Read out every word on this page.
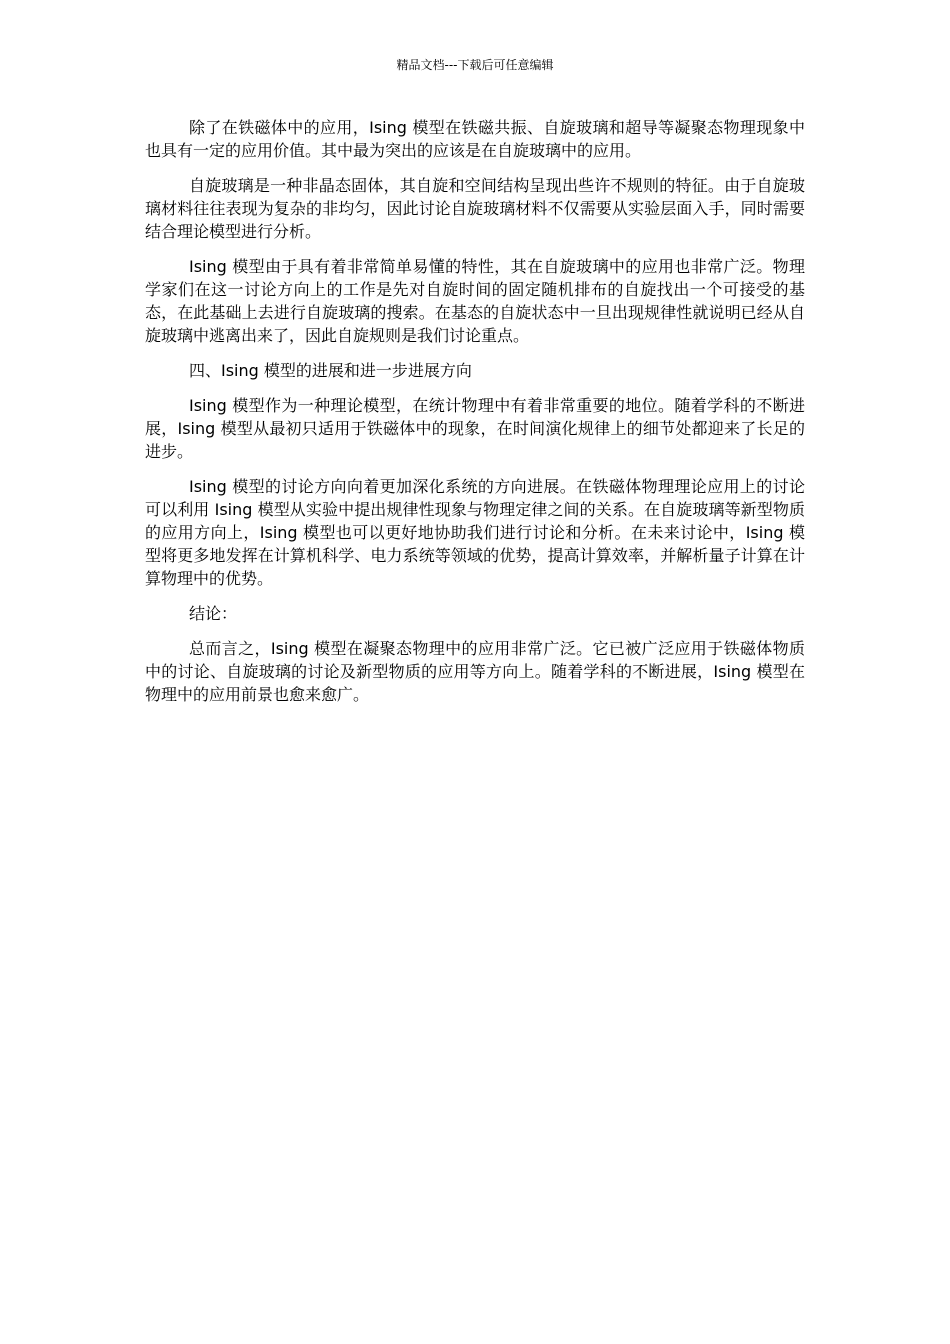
精品文档---下载后可任意编辑

除了在铁磁体中的应用，Ising 模型在铁磁共振、自旋玻璃和超导等凝聚态物理现象中也具有一定的应用价值。其中最为突出的应该是在自旋玻璃中的应用。

自旋玻璃是一种非晶态固体，其自旋和空间结构呈现出些许不规则的特征。由于自旋玻璃材料往往表现为复杂的非均匀，因此讨论自旋玻璃材料不仅需要从实验层面入手，同时需要结合理论模型进行分析。

Ising 模型由于具有着非常简单易懂的特性，其在自旋玻璃中的应用也非常广泛。物理学家们在这一讨论方向上的工作是先对自旋时间的固定随机排布的自旋找出一个可接受的基态，在此基础上去进行自旋玻璃的搜索。在基态的自旋状态中一旦出现规律性就说明已经从自旋玻璃中逃离出来了，因此自旋规则是我们讨论重点。

四、Ising 模型的进展和进一步进展方向

Ising 模型作为一种理论模型，在统计物理中有着非常重要的地位。随着学科的不断进展，Ising 模型从最初只适用于铁磁体中的现象，在时间演化规律上的细节处都迎来了长足的进步。

Ising 模型的讨论方向向着更加深化系统的方向进展。在铁磁体物理理论应用上的讨论可以利用 Ising 模型从实验中提出规律性现象与物理定律之间的关系。在自旋玻璃等新型物质的应用方向上，Ising 模型也可以更好地协助我们进行讨论和分析。在未来讨论中，Ising 模型将更多地发挥在计算机科学、电力系统等领域的优势，提高计算效率，并解析量子计算在计算物理中的优势。

结论：

总而言之，Ising 模型在凝聚态物理中的应用非常广泛。它已被广泛应用于铁磁体物质中的讨论、自旋玻璃的讨论及新型物质的应用等方向上。随着学科的不断进展，Ising 模型在物理中的应用前景也愈来愈广。
